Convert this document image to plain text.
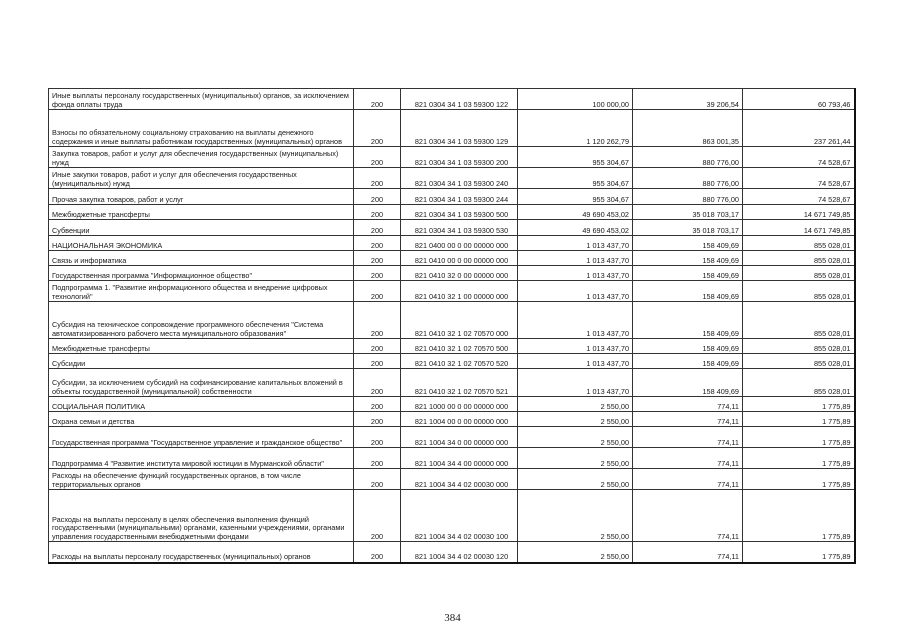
Иные выплаты персоналу государственных (муниципальных) органов, за исключением фонда оплаты труда	200	821 0304 34 1 03 59300 122	100 000,00	39 206,54	60 793,46
Взносы по обязательному социальному страхованию на выплаты денежного содержания и иные выплаты работникам государственных (муниципальных) органов	200	821 0304 34 1 03 59300 129	1 120 262,79	863 001,35	237 261,44
Закупка товаров, работ и услуг для обеспечения государственных (муниципальных) нужд	200	821 0304 34 1 03 59300 200	955 304,67	880 776,00	74 528,67
Иные закупки товаров, работ и услуг для обеспечения государственных (муниципальных) нужд	200	821 0304 34 1 03 59300 240	955 304,67	880 776,00	74 528,67
Прочая закупка товаров, работ и услуг	200	821 0304 34 1 03 59300 244	955 304,67	880 776,00	74 528,67
Межбюджетные трансферты	200	821 0304 34 1 03 59300 500	49 690 453,02	35 018 703,17	14 671 749,85
Субвенции	200	821 0304 34 1 03 59300 530	49 690 453,02	35 018 703,17	14 671 749,85
НАЦИОНАЛЬНАЯ ЭКОНОМИКА	200	821 0400 00 0 00 00000 000	1 013 437,70	158 409,69	855 028,01
Связь и информатика	200	821 0410 00 0 00 00000 000	1 013 437,70	158 409,69	855 028,01
Государственная программа "Информационное общество"	200	821 0410 32 0 00 00000 000	1 013 437,70	158 409,69	855 028,01
Подпрограмма 1. "Развитие информационного общества и внедрение цифровых технологий"	200	821 0410 32 1 00 00000 000	1 013 437,70	158 409,69	855 028,01
Субсидия на техническое сопровождение программного обеспечения "Система автоматизированного рабочего места муниципального образования"	200	821 0410 32 1 02 70570 000	1 013 437,70	158 409,69	855 028,01
Межбюджетные трансферты	200	821 0410 32 1 02 70570 500	1 013 437,70	158 409,69	855 028,01
Субсидии	200	821 0410 32 1 02 70570 520	1 013 437,70	158 409,69	855 028,01
Субсидии, за исключением субсидий на софинансирование капитальных вложений в объекты государственной (муниципальной) собственности	200	821 0410 32 1 02 70570 521	1 013 437,70	158 409,69	855 028,01
СОЦИАЛЬНАЯ ПОЛИТИКА	200	821 1000 00 0 00 00000 000	2 550,00	774,11	1 775,89
Охрана семьи и детства	200	821 1004 00 0 00 00000 000	2 550,00	774,11	1 775,89
Государственная программа "Государственное управление и гражданское общество"	200	821 1004 34 0 00 00000 000	2 550,00	774,11	1 775,89
Подпрограмма 4 "Развитие института мировой юстиции в Мурманской области"	200	821 1004 34 4 00 00000 000	2 550,00	774,11	1 775,89
Расходы на обеспечение функций государственных органов, в том числе территориальных органов	200	821 1004 34 4 02 00030 000	2 550,00	774,11	1 775,89
Расходы на выплаты персоналу в целях обеспечения выполнения функций государственными (муниципальными) органами, казенными учреждениями, органами управления государственными внебюджетными фондами	200	821 1004 34 4 02 00030 100	2 550,00	774,11	1 775,89
Расходы на выплаты персоналу государственных (муниципальных) органов	200	821 1004 34 4 02 00030 120	2 550,00	774,11	1 775,89
384
